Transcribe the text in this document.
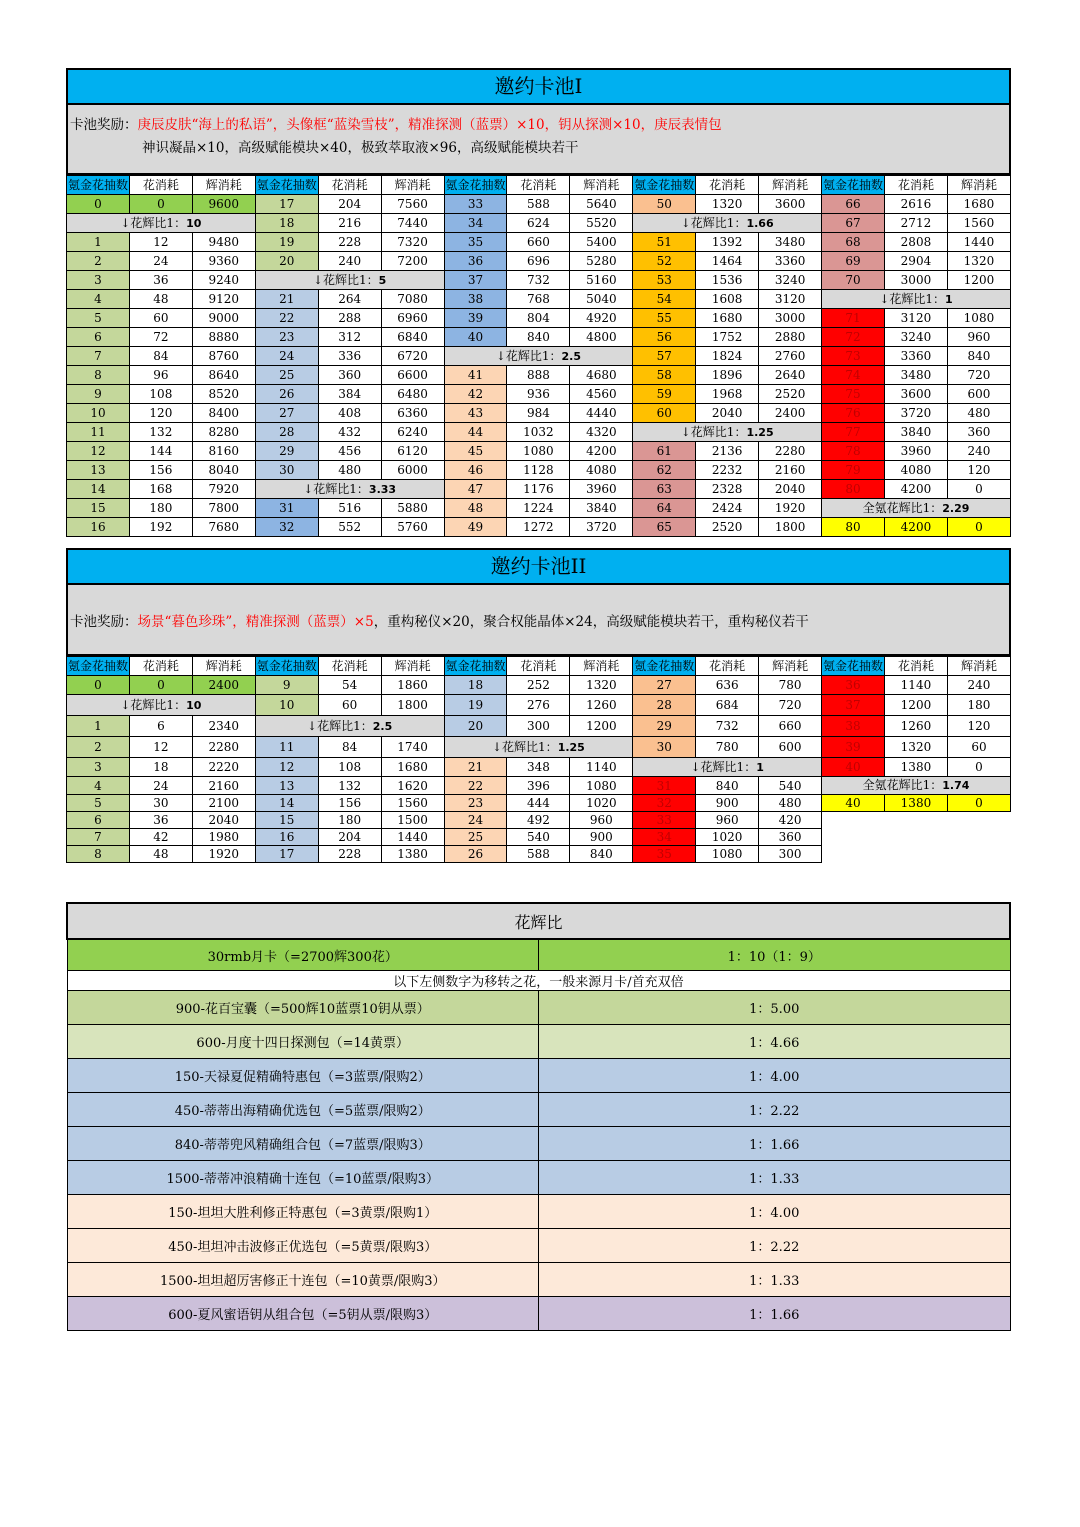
邀约卡池I
卡池奖励：庚辰皮肤“海上的私语”，头像框“蓝染雪枝”，精准探测（蓝票）×10，钥从探测×10，庚辰表情包
神识凝晶×10，高级赋能模块×40，极致萃取液×96，高级赋能模块若干
氪金花抽数	花消耗	辉消耗	氪金花抽数	花消耗	辉消耗	氪金花抽数	花消耗	辉消耗	氪金花抽数	花消耗	辉消耗	氪金花抽数	花消耗	辉消耗
0	0	9600	17	204	7560	33	588	5640	50	1320	3600	66	2616	1680
↓花辉比1：10			18	216	7440	34	624	5520	↓花辉比1：1.66			67	2712	1560
1	12	9480	19	228	7320	35	660	5400	51	1392	3480	68	2808	1440
2	24	9360	20	240	7200	36	696	5280	52	1464	3360	69	2904	1320
3	36	9240	↓花辉比1：5			37	732	5160	53	1536	3240	70	3000	1200
4	48	9120	21	264	7080	38	768	5040	54	1608	3120	↓花辉比1：1		
5	60	9000	22	288	6960	39	804	4920	55	1680	3000	71	3120	1080
6	72	8880	23	312	6840	40	840	4800	56	1752	2880	72	3240	960
7	84	8760	24	336	6720	↓花辉比1：2.5			57	1824	2760	73	3360	840
8	96	8640	25	360	6600	41	888	4680	58	1896	2640	74	3480	720
9	108	8520	26	384	6480	42	936	4560	59	1968	2520	75	3600	600
10	120	8400	27	408	6360	43	984	4440	60	2040	2400	76	3720	480
11	132	8280	28	432	6240	44	1032	4320	↓花辉比1：1.25			77	3840	360
12	144	8160	29	456	6120	45	1080	4200	61	2136	2280	78	3960	240
13	156	8040	30	480	6000	46	1128	4080	62	2232	2160	79	4080	120
14	168	7920	↓花辉比1：3.33			47	1176	3960	63	2328	2040	80	4200	0
15	180	7800	31	516	5880	48	1224	3840	64	2424	1920	全氪花辉比1：2.29		
16	192	7680	32	552	5760	49	1272	3720	65	2520	1800	80	4200	0
邀约卡池II
卡池奖励：场景“暮色珍珠”，精准探测（蓝票）×5，重构秘仪×20，聚合权能晶体×24，高级赋能模块若干，重构秘仪若干
氪金花抽数	花消耗	辉消耗	氪金花抽数	花消耗	辉消耗	氪金花抽数	花消耗	辉消耗	氪金花抽数	花消耗	辉消耗	氪金花抽数	花消耗	辉消耗
0	0	2400	9	54	1860	18	252	1320	27	636	780	36	1140	240
↓花辉比1：10			10	60	1800	19	276	1260	28	684	720	37	1200	180
1	6	2340	↓花辉比1：2.5			20	300	1200	29	732	660	38	1260	120
2	12	2280	11	84	1740	↓花辉比1：1.25			30	780	600	39	1320	60
3	18	2220	12	108	1680	21	348	1140	↓花辉比1：1			40	1380	0
4	24	2160	13	132	1620	22	396	1080	31	840	540	全氪花辉比1：1.74		
5	30	2100	14	156	1560	23	444	1020	32	900	480	40	1380	0
6	36	2040	15	180	1500	24	492	960	33	960	420			
7	42	1980	16	204	1440	25	540	900	34	1020	360			
8	48	1920	17	228	1380	26	588	840	35	1080	300			
花辉比	
30rmb月卡（=2700辉300花）	1：10（1：9）
以下左侧数字为移转之花，一般来源月卡/首充双倍	
900-花百宝囊（=500辉10蓝票10钥从票）	1：5.00
600-月度十四日探测包（=14黄票）	1：4.66
150-天禄夏促精确特惠包（=3蓝票/限购2）	1：4.00
450-蒂蒂出海精确优选包（=5蓝票/限购2）	1：2.22
840-蒂蒂兜风精确组合包（=7蓝票/限购3）	1：1.66
1500-蒂蒂冲浪精确十连包（=10蓝票/限购3）	1：1.33
150-坦坦大胜利修正特惠包（=3黄票/限购1）	1：4.00
450-坦坦冲击波修正优选包（=5黄票/限购3）	1：2.22
1500-坦坦超厉害修正十连包（=10黄票/限购3）	1：1.33
600-夏风蜜语钥从组合包（=5钥从票/限购3）	1：1.66
